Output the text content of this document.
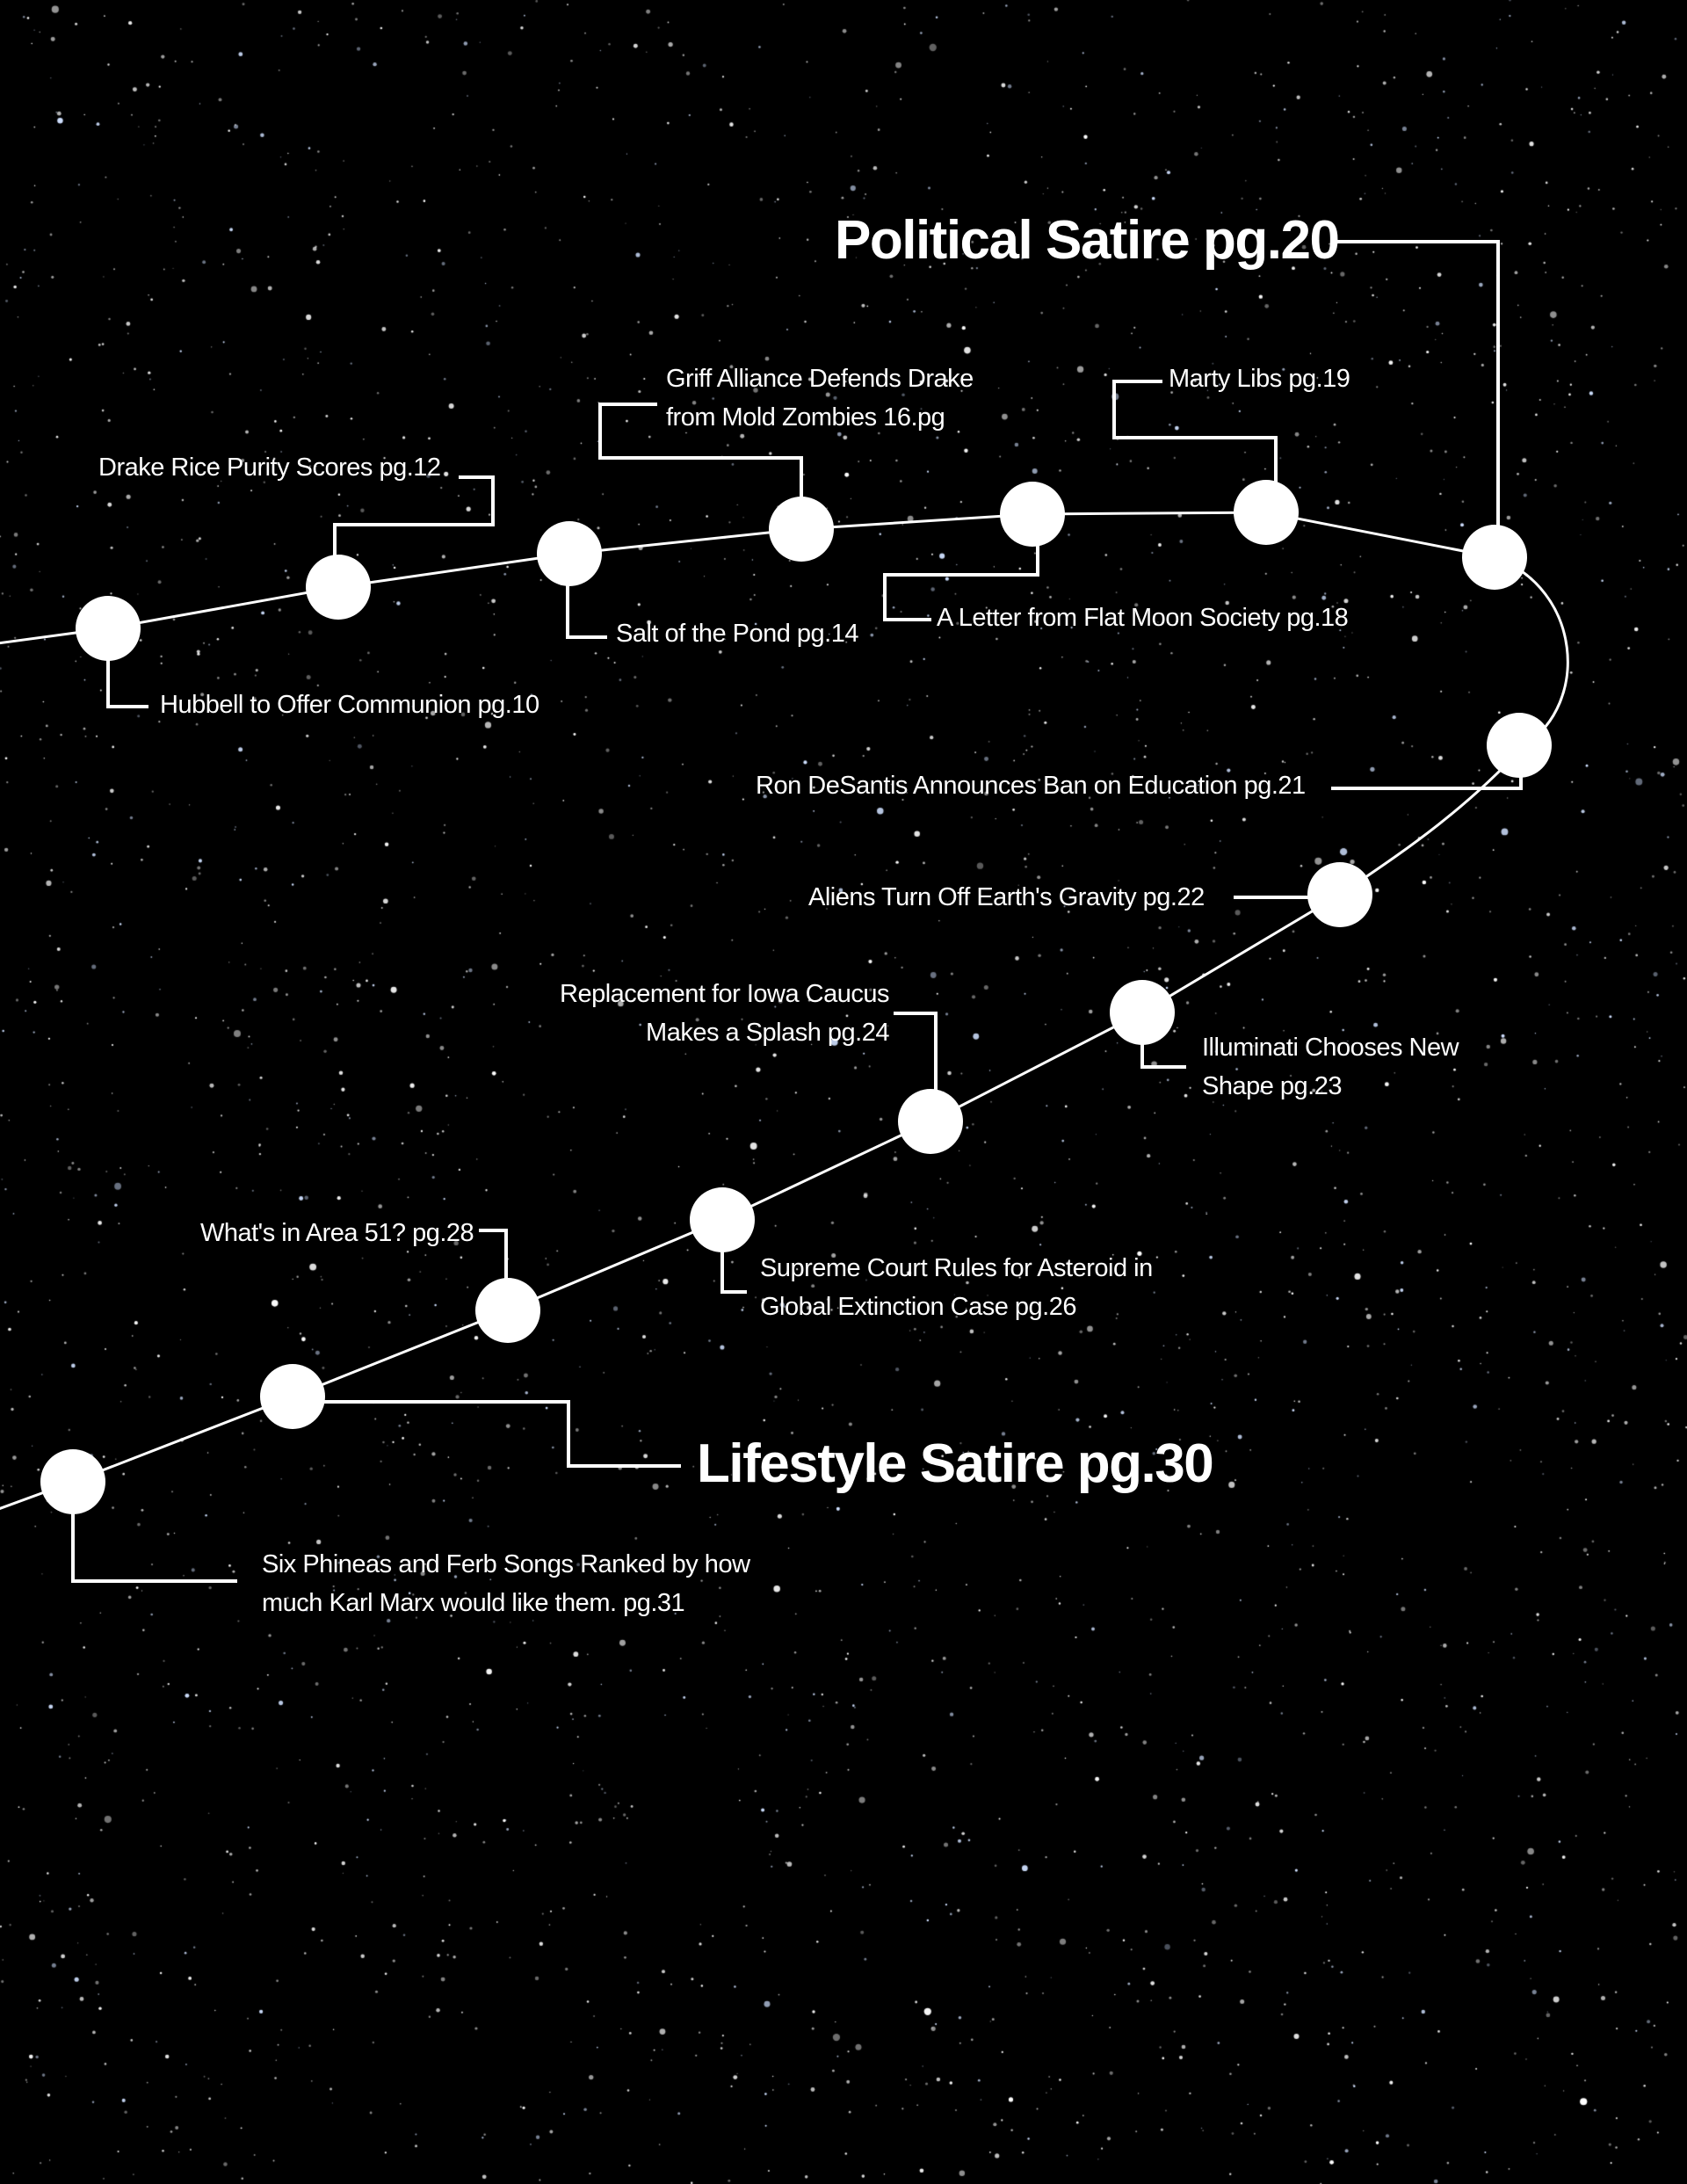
Political Satire pg.20
Lifestyle Satire pg.30
Drake Rice Purity Scores pg.12
Griff Alliance Defends Drake
from Mold Zombies 16.pg
Marty Libs pg.19
Hubbell to Offer Communion pg.10
Salt of the Pond pg.14
A Letter from Flat Moon Society pg.18
Ron DeSantis Announces Ban on Education pg.21
Aliens Turn Off Earth's Gravity pg.22
Replacement for Iowa Caucus
Makes a Splash pg.24
Illuminati Chooses New
Shape pg.23
What's in Area 51? pg.28
Supreme Court Rules for Asteroid in
Global Extinction Case pg.26
Six Phineas and Ferb Songs Ranked by how
much Karl Marx would like them. pg.31
